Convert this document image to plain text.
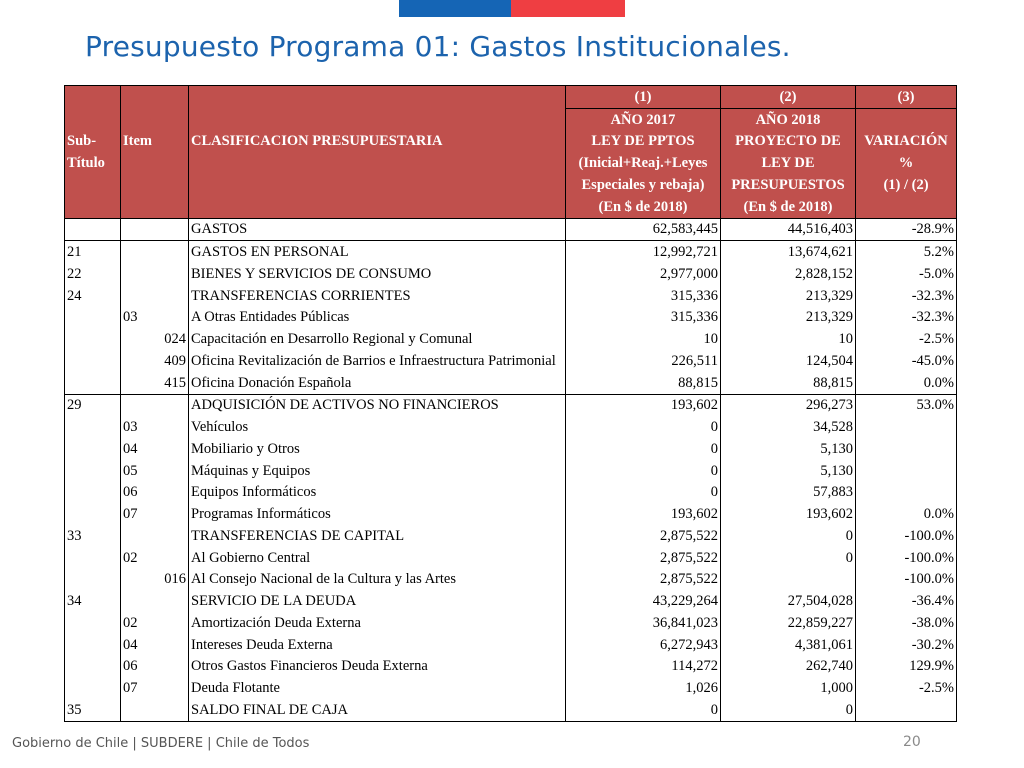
Presupuesto Programa 01: Gastos Institucionales.
				(1)	(2)	(3)
				AÑO 2017	AÑO 2018	
Sub-	Item		CLASIFICACION PRESUPUESTARIA	LEY DE PPTOS	PROYECTO DE	VARIACIÓN
Título				(Inicial+Reaj.+Leyes	LEY DE	%
				Especiales y rebaja)	PRESUPUESTOS	(1) / (2)
				(En $ de 2018)	(En $ de 2018)	
			GASTOS	62,583,445	44,516,403	-28.9%
21			GASTOS EN PERSONAL	12,992,721	13,674,621	5.2%
22			BIENES Y SERVICIOS DE CONSUMO	2,977,000	2,828,152	-5.0%
24			TRANSFERENCIAS CORRIENTES	315,336	213,329	-32.3%
	03		A Otras Entidades Públicas	315,336	213,329	-32.3%
		024	Capacitación en Desarrollo Regional y Comunal	10	10	-2.5%
		409	Oficina Revitalización de Barrios e Infraestructura Patrimonial	226,511	124,504	-45.0%
		415	Oficina Donación Española	88,815	88,815	0.0%
29			ADQUISICIÓN DE ACTIVOS NO FINANCIEROS	193,602	296,273	53.0%
	03		Vehículos	0	34,528	
	04		Mobiliario y Otros	0	5,130	
	05		Máquinas y Equipos	0	5,130	
	06		Equipos Informáticos	0	57,883	
	07		Programas Informáticos	193,602	193,602	0.0%
33			TRANSFERENCIAS DE CAPITAL	2,875,522	0	-100.0%
	02		Al Gobierno Central	2,875,522	0	-100.0%
		016	Al Consejo Nacional de la Cultura y las Artes	2,875,522		-100.0%
34			SERVICIO DE LA DEUDA	43,229,264	27,504,028	-36.4%
	02		Amortización Deuda Externa	36,841,023	22,859,227	-38.0%
	04		Intereses Deuda Externa	6,272,943	4,381,061	-30.2%
	06		Otros Gastos Financieros Deuda Externa	114,272	262,740	129.9%
	07		Deuda Flotante	1,026	1,000	-2.5%
35			SALDO FINAL DE CAJA	0	0	
Gobierno de Chile | SUBDERE | Chile de Todos	20
